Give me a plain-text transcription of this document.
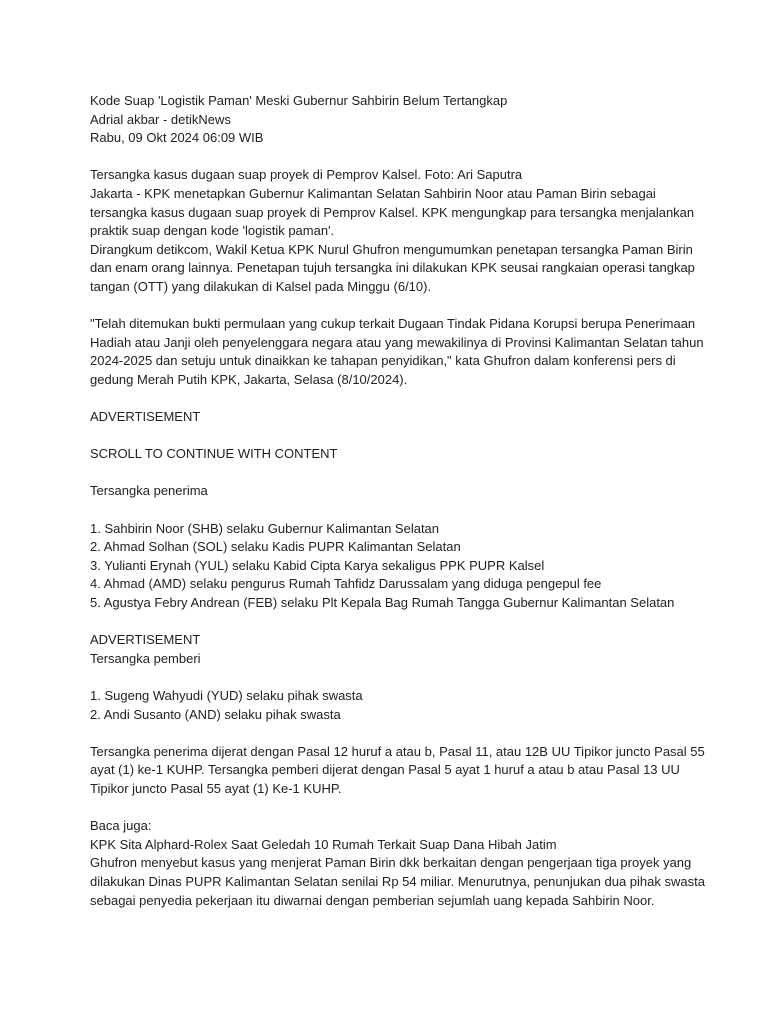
Kode Suap 'Logistik Paman' Meski Gubernur Sahbirin Belum Tertangkap
Adrial akbar - detikNews
Rabu, 09 Okt 2024 06:09 WIB
Tersangka kasus dugaan suap proyek di Pemprov Kalsel. Foto: Ari Saputra
Jakarta - KPK menetapkan Gubernur Kalimantan Selatan Sahbirin Noor atau Paman Birin sebagai
tersangka kasus dugaan suap proyek di Pemprov Kalsel. KPK mengungkap para tersangka menjalankan
praktik suap dengan kode 'logistik paman'.
Dirangkum detikcom, Wakil Ketua KPK Nurul Ghufron mengumumkan penetapan tersangka Paman Birin
dan enam orang lainnya. Penetapan tujuh tersangka ini dilakukan KPK seusai rangkaian operasi tangkap
tangan (OTT) yang dilakukan di Kalsel pada Minggu (6/10).
"Telah ditemukan bukti permulaan yang cukup terkait Dugaan Tindak Pidana Korupsi berupa Penerimaan
Hadiah atau Janji oleh penyelenggara negara atau yang mewakilinya di Provinsi Kalimantan Selatan tahun
2024-2025 dan setuju untuk dinaikkan ke tahapan penyidikan," kata Ghufron dalam konferensi pers di
gedung Merah Putih KPK, Jakarta, Selasa (8/10/2024).
ADVERTISEMENT
SCROLL TO CONTINUE WITH CONTENT
Tersangka penerima
1. Sahbirin Noor (SHB) selaku Gubernur Kalimantan Selatan
2. Ahmad Solhan (SOL) selaku Kadis PUPR Kalimantan Selatan
3. Yulianti Erynah (YUL) selaku Kabid Cipta Karya sekaligus PPK PUPR Kalsel
4. Ahmad (AMD) selaku pengurus Rumah Tahfidz Darussalam yang diduga pengepul fee
5. Agustya Febry Andrean (FEB) selaku Plt Kepala Bag Rumah Tangga Gubernur Kalimantan Selatan
ADVERTISEMENT
Tersangka pemberi
1. Sugeng Wahyudi (YUD) selaku pihak swasta
2. Andi Susanto (AND) selaku pihak swasta
Tersangka penerima dijerat dengan Pasal 12 huruf a atau b, Pasal 11, atau 12B UU Tipikor juncto Pasal 55
ayat (1) ke-1 KUHP. Tersangka pemberi dijerat dengan Pasal 5 ayat 1 huruf a atau b atau Pasal 13 UU
Tipikor juncto Pasal 55 ayat (1) Ke-1 KUHP.
Baca juga:
KPK Sita Alphard-Rolex Saat Geledah 10 Rumah Terkait Suap Dana Hibah Jatim
Ghufron menyebut kasus yang menjerat Paman Birin dkk berkaitan dengan pengerjaan tiga proyek yang
dilakukan Dinas PUPR Kalimantan Selatan senilai Rp 54 miliar. Menurutnya, penunjukan dua pihak swasta
sebagai penyedia pekerjaan itu diwarnai dengan pemberian sejumlah uang kepada Sahbirin Noor.
